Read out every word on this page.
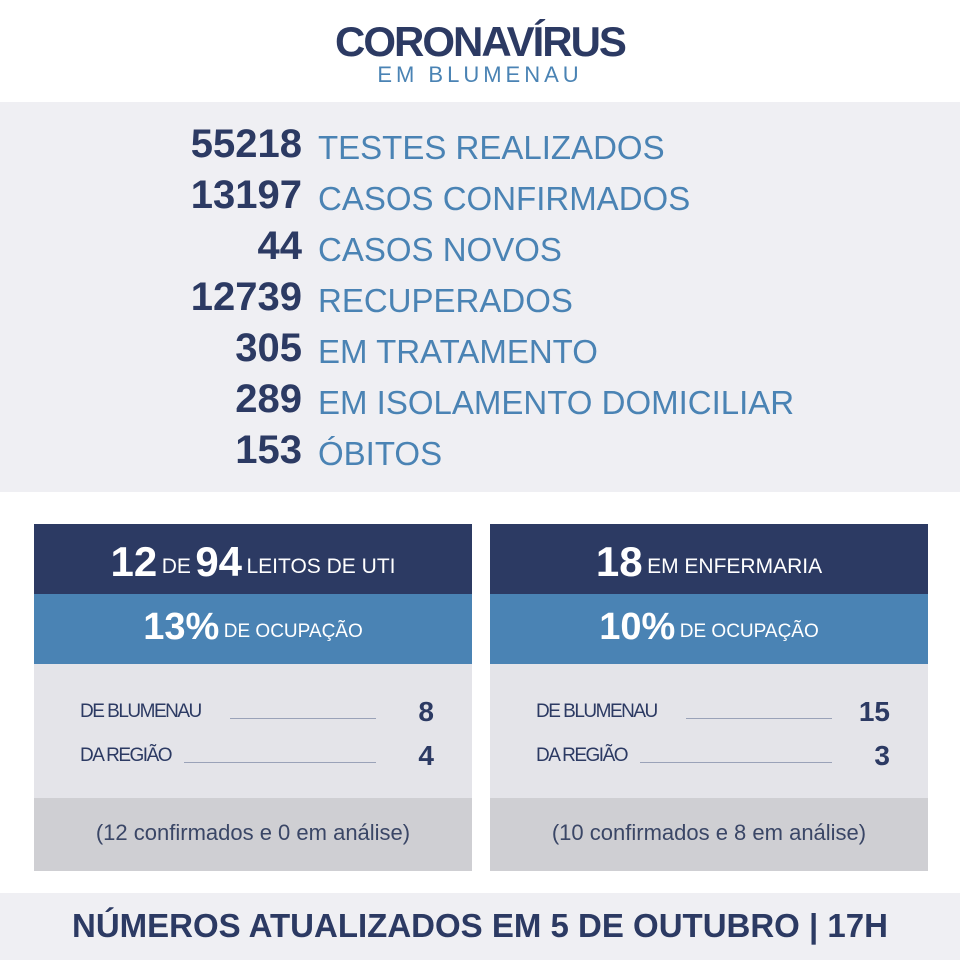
CORONAVÍRUS
EM BLUMENAU
55218 TESTES REALIZADOS
13197 CASOS CONFIRMADOS
44 CASOS NOVOS
12739 RECUPERADOS
305 EM TRATAMENTO
289 EM ISOLAMENTO DOMICILIAR
153 ÓBITOS
12 DE 94 LEITOS DE UTI
13% DE OCUPAÇÃO
DE BLUMENAU	8
DA REGIÃO	4
(12 confirmados e 0 em análise)
18 EM ENFERMARIA
10% DE OCUPAÇÃO
DE BLUMENAU	15
DA REGIÃO	3
(10 confirmados e 8 em análise)
NÚMEROS ATUALIZADOS EM 5 DE OUTUBRO | 17H
